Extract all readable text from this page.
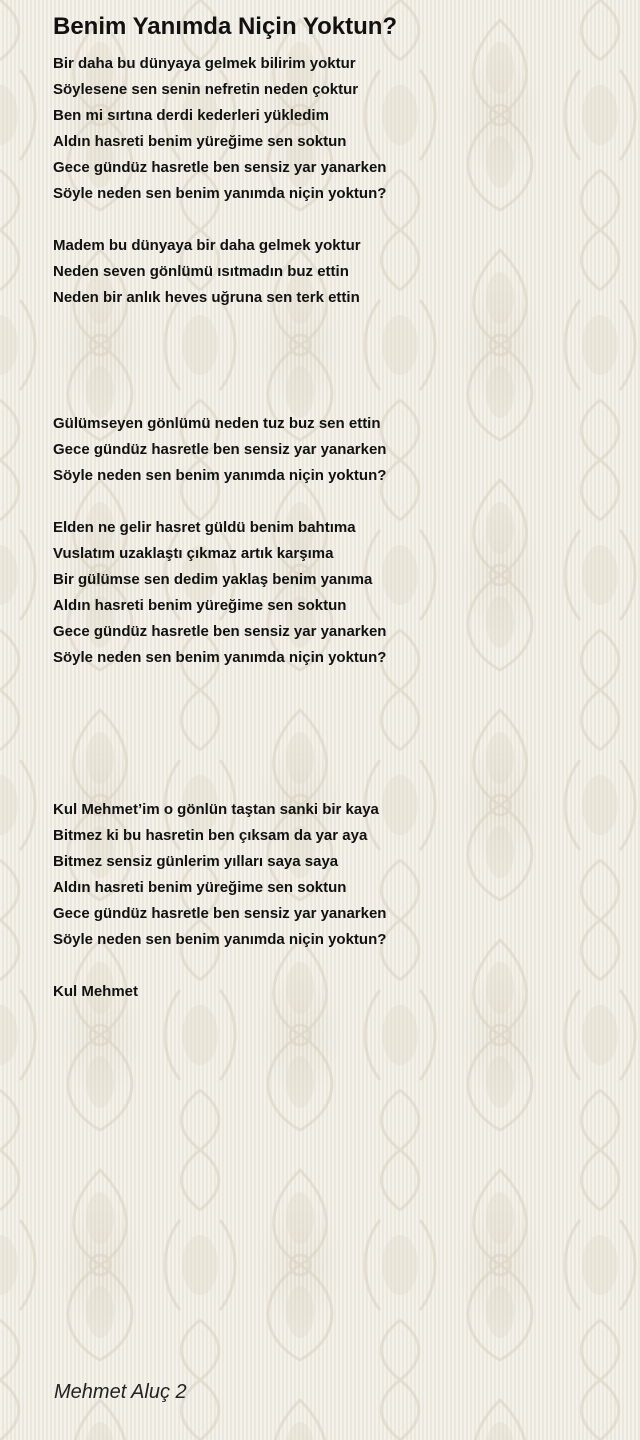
Benim Yanımda Niçin Yoktun?
Bir daha bu dünyaya gelmek bilirim yoktur
Söylesene sen senin nefretin neden çoktur
Ben mi sırtına derdi kederleri yükledim
Aldın hasreti benim yüreğime sen soktun
Gece gündüz hasretle ben sensiz yar yanarken
Söyle neden sen benim yanımda niçin yoktun?
Madem bu dünyaya bir daha gelmek yoktur
Neden seven gönlümü ısıtmadın buz ettin
Neden bir anlık heves uğruna sen terk ettin
Gülümseyen gönlümü neden tuz buz sen ettin
Gece gündüz hasretle ben sensiz yar yanarken
Söyle neden sen benim yanımda niçin yoktun?
Elden ne gelir hasret güldü benim bahtıma
Vuslatım uzaklaştı çıkmaz artık karşıma
Bir gülümse sen dedim yaklaş benim yanıma
Aldın hasreti benim yüreğime sen soktun
Gece gündüz hasretle ben sensiz yar yanarken
Söyle neden sen benim yanımda niçin yoktun?
Kul Mehmet’im o gönlün taştan sanki bir kaya
Bitmez ki bu hasretin ben çıksam da yar aya
Bitmez sensiz günlerim yılları saya saya
Aldın hasreti benim yüreğime sen soktun
Gece gündüz hasretle ben sensiz yar yanarken
Söyle neden sen benim yanımda niçin yoktun?
Kul Mehmet
Mehmet Aluç 2
